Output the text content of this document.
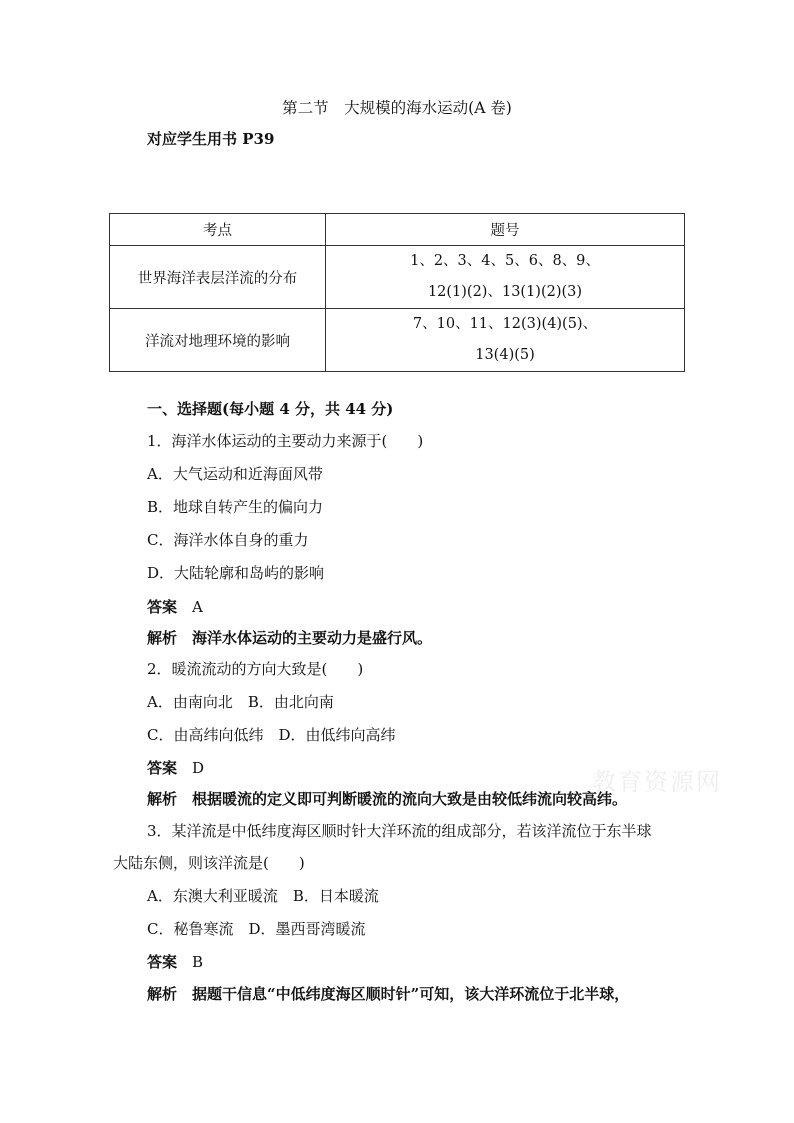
第二节　大规模的海水运动(A 卷)
对应学生用书 P39
考点	题号
世界海洋表层洋流的分布	1、2、3、4、5、6、8、9、
12(1)(2)、13(1)(2)(3)

洋流对地理环境的影响	7、10、11、12(3)(4)(5)、
13(4)(5)
一、选择题(每小题 4 分，共 44 分)
1．海洋水体运动的主要动力来源于(　　)
A．大气运动和近海面风带
B．地球自转产生的偏向力
C．海洋水体自身的重力
D．大陆轮廓和岛屿的影响
答案　 A
解析　 海洋水体运动的主要动力是盛行风。
2．暖流流动的方向大致是(　　)
A．由南向北　B．由北向南
C．由高纬向低纬　D．由低纬向高纬
答案　 D
解析　 根据暖流的定义即可判断暖流的流向大致是由较低纬流向较高纬。
3．某洋流是中低纬度海区顺时针大洋环流的组成部分，若该洋流位于东半球
大陆东侧，则该洋流是(　　)
A．东澳大利亚暖流　B．日本暖流
C．秘鲁寒流　D．墨西哥湾暖流
答案　 B
解析　 据题干信息“中低纬度海区顺时针”可知，该大洋环流位于北半球，
教育资源网
